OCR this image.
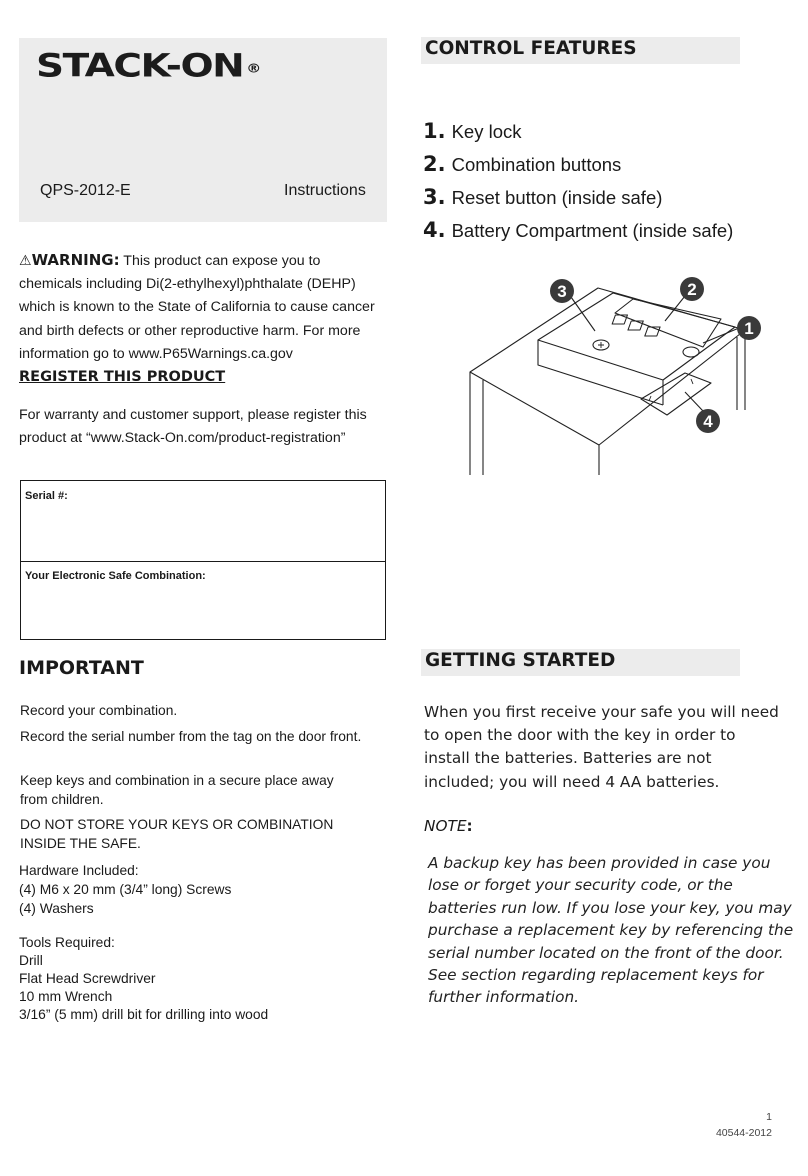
STACK-ON ®
QPS-2012-E	Instructions
⚠WARNING: This product can expose you to chemicals including Di(2-ethylhexyl)phthalate (DEHP) which is known to the State of California to cause cancer and birth defects or other reproductive harm. For more information go to www.P65Warnings.ca.gov
REGISTER THIS PRODUCT
For warranty and customer support, please register this product at “www.Stack-On.com/product-registration”
Serial #:
Your Electronic Safe Combination:
IMPORTANT
Record your combination.
Record the serial number from the tag on the door front.
Keep keys and combination in a secure place away from children.
DO NOT STORE YOUR KEYS OR COMBINATION INSIDE THE SAFE.
Hardware Included:
(4) M6 x 20 mm (3/4” long) Screws
(4) Washers
Tools Required:
Drill
Flat Head Screwdriver
10 mm Wrench
3/16” (5 mm) drill bit for drilling into wood
CONTROL FEATURES
1. Key lock
2. Combination buttons
3. Reset button (inside safe)
4. Battery Compartment (inside safe)
3	2
1
4
GETTING STARTED
When you first receive your safe you will need to open the door with the key in order to install the batteries. Batteries are not included; you will need 4 AA batteries.
NOTE:
A backup key has been provided in case you lose or forget your security code, or the batteries run low. If you lose your key, you may purchase a replacement key by referencing the serial number located on the front of the door. See section regarding replacement keys for further information.
1
40544-2012
